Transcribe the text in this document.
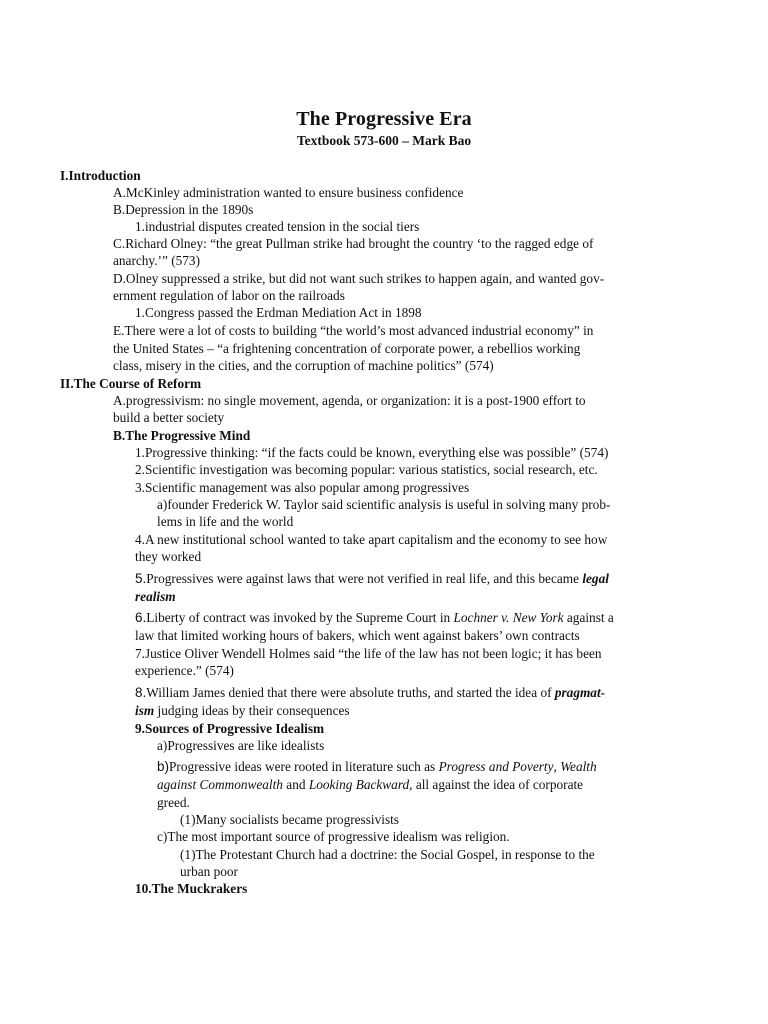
The Progressive Era
Textbook 573-600 – Mark Bao
I.Introduction
A.McKinley administration wanted to ensure business confidence
B.Depression in the 1890s
1.industrial disputes created tension in the social tiers
C.Richard Olney: “the great Pullman strike had brought the country ‘to the ragged edge of
anarchy.’” (573)
D.Olney suppressed a strike, but did not want such strikes to happen again, and wanted gov-
ernment regulation of labor on the railroads
1.Congress passed the Erdman Mediation Act in 1898
E.There were a lot of costs to building “the world’s most advanced industrial economy” in
the United States – “a frightening concentration of corporate power, a rebellios working
class, misery in the cities, and the corruption of machine politics” (574)
II.The Course of Reform
A.progressivism: no single movement, agenda, or organization: it is a post-1900 effort to
build a better society
B.The Progressive Mind
1.Progressive thinking: “if the facts could be known, everything else was possible” (574)
2.Scientific investigation was becoming popular: various statistics, social research, etc.
3.Scientific management was also popular among progressives
a)founder Frederick W. Taylor said scientific analysis is useful in solving many prob-
lems in life and the world
4.A new institutional school wanted to take apart capitalism and the economy to see how
they worked
5.Progressives were against laws that were not verified in real life, and this became legal
realism
6.Liberty of contract was invoked by the Supreme Court in Lochner v. New York against a
law that limited working hours of bakers, which went against bakers’ own contracts
7.Justice Oliver Wendell Holmes said “the life of the law has not been logic; it has been
experience.” (574)
8.William James denied that there were absolute truths, and started the idea of pragmat-
ism judging ideas by their consequences
9.Sources of Progressive Idealism
a)Progressives are like idealists
b)Progressive ideas were rooted in literature such as Progress and Poverty, Wealth
against Commonwealth and Looking Backward, all against the idea of corporate
greed.
(1)Many socialists became progressivists
c)The most important source of progressive idealism was religion.
(1)The Protestant Church had a doctrine: the Social Gospel, in response to the
urban poor
10.The Muckrakers
